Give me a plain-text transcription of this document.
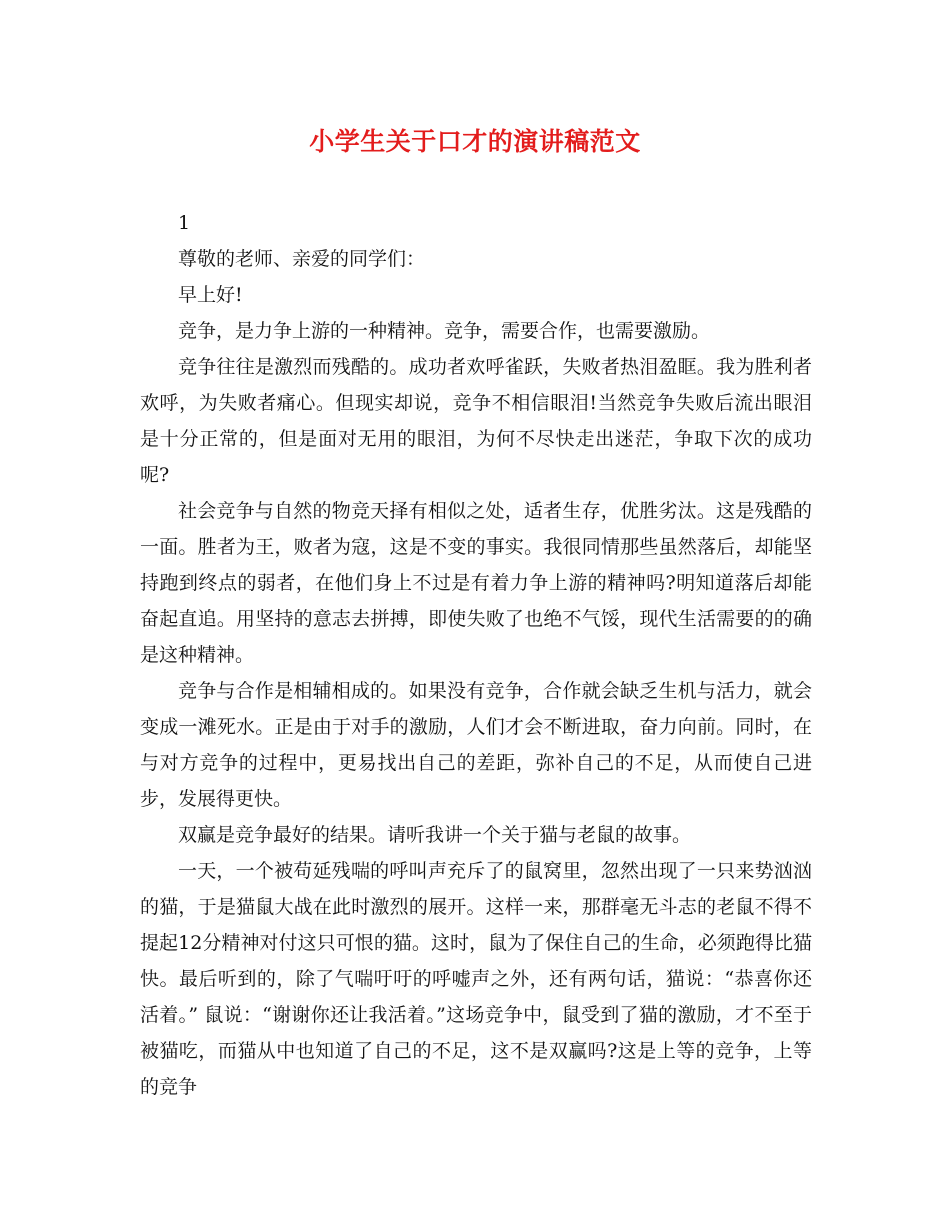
小学生关于口才的演讲稿范文

1

尊敬的老师、亲爱的同学们：

早上好!

竞争，是力争上游的一种精神。竞争，需要合作，也需要激励。

竞争往往是激烈而残酷的。成功者欢呼雀跃，失败者热泪盈眶。我为胜利者欢呼，为失败者痛心。但现实却说，竞争不相信眼泪!当然竞争失败后流出眼泪是十分正常的，但是面对无用的眼泪，为何不尽快走出迷茫，争取下次的成功呢?

社会竞争与自然的物竞天择有相似之处，适者生存，优胜劣汰。这是残酷的一面。胜者为王，败者为寇，这是不变的事实。我很同情那些虽然落后，却能坚持跑到终点的弱者，在他们身上不过是有着力争上游的精神吗?明知道落后却能奋起直追。用坚持的意志去拼搏，即使失败了也绝不气馁，现代生活需要的的确是这种精神。

竞争与合作是相辅相成的。如果没有竞争，合作就会缺乏生机与活力，就会变成一滩死水。正是由于对手的激励，人们才会不断进取，奋力向前。同时，在与对方竞争的过程中，更易找出自己的差距，弥补自己的不足，从而使自己进步，发展得更快。

双赢是竞争最好的结果。请听我讲一个关于猫与老鼠的故事。

一天，一个被苟延残喘的呼叫声充斥了的鼠窝里，忽然出现了一只来势汹汹的猫，于是猫鼠大战在此时激烈的展开。这样一来，那群毫无斗志的老鼠不得不提起12分精神对付这只可恨的猫。这时，鼠为了保住自己的生命，必须跑得比猫快。最后听到的，除了气喘吁吁的呼嘘声之外，还有两句话，猫说：“恭喜你还活着。” 鼠说：“谢谢你还让我活着。”这场竞争中，鼠受到了猫的激励，才不至于被猫吃，而猫从中也知道了自己的不足，这不是双赢吗?这是上等的竞争，上等的竞争
